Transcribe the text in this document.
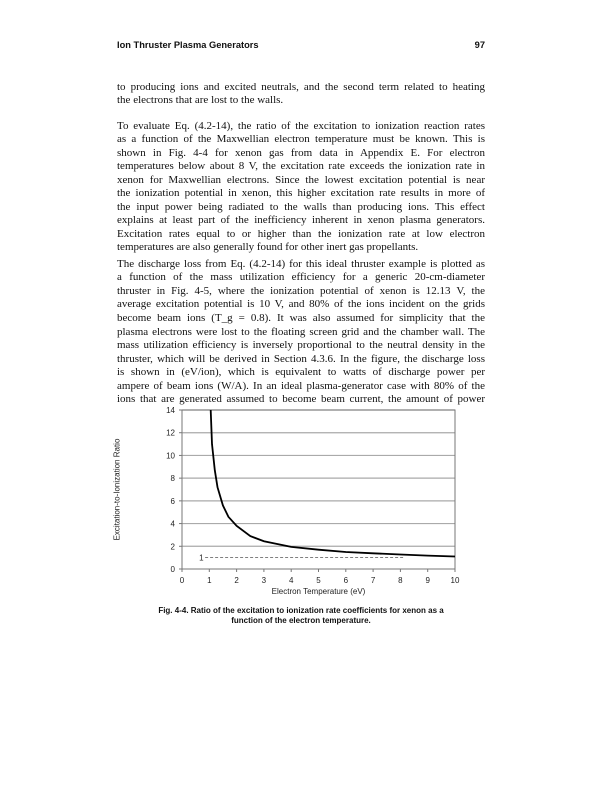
Ion Thruster Plasma Generators	97
to producing ions and excited neutrals, and the second term related to heating
the electrons that are lost to the walls.
To evaluate Eq. (4.2-14), the ratio of the excitation to ionization reaction rates
as a function of the Maxwellian electron temperature must be known. This is
shown in Fig. 4-4 for xenon gas from data in Appendix E. For electron
temperatures below about 8 V, the excitation rate exceeds the ionization rate in
xenon for Maxwellian electrons. Since the lowest excitation potential is near
the ionization potential in xenon, this higher excitation rate results in more of
the input power being radiated to the walls than producing ions. This effect
explains at least part of the inefficiency inherent in xenon plasma generators.
Excitation rates equal to or higher than the ionization rate at low electron
temperatures are also generally found for other inert gas propellants.
The discharge loss from Eq. (4.2-14) for this ideal thruster example is plotted as
a function of the mass utilization efficiency for a generic 20-cm-diameter
thruster in Fig. 4-5, where the ionization potential of xenon is 12.13 V, the
average excitation potential is 10 V, and 80% of the ions incident on the grids
become beam ions (T_g = 0.8). It was also assumed for simplicity that the
plasma electrons were lost to the floating screen grid and the chamber wall. The
mass utilization efficiency is inversely proportional to the neutral density in the
thruster, which will be derived in Section 4.3.6. In the figure, the discharge loss
is shown in (eV/ion), which is equivalent to watts of discharge power per
ampere of beam ions (W/A). In an ideal plasma-generator case with 80% of the
ions that are generated assumed to become beam current, the amount of power
Excitation-to-Ionization Ratio
0
2
4
6
8
10
12
14
0	1	2	3	4	5	6	7	8	9	10
1
Electron Temperature (eV)
Fig. 4-4. Ratio of the excitation to ionization rate coefficients for xenon as a
function of the electron temperature.
